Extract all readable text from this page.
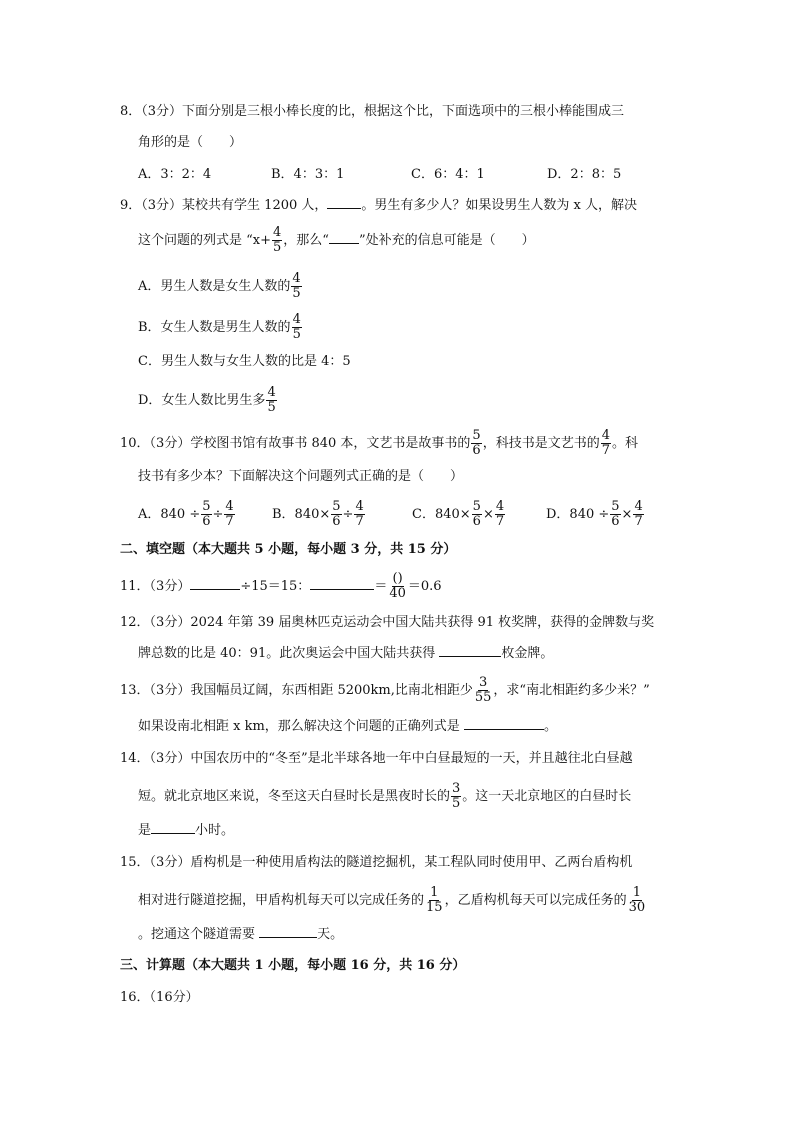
8．（3分）下面分别是三根小棒长度的比，根据这个比，下面选项中的三根小棒能围成三
角形的是（　　）
A．3：2：4	B．4：3：1	C．6：4：1	D．2：8：5
9．（3分）某校共有学生 1200 人，	。男生有多少人？如果设男生人数为 x 人，解决
这个问题的列式是 “$x+ \frac{4}{5}$ ，那么“ ”处补充的信息可能是（　　）
A．男生人数是女生人数的 $\frac{4}{5}$
B．女生人数是男生人数的 $\frac{4}{5}$
C．男生人数与女生人数的比是 4：5
D．女生人数比男生多 $\frac{4}{5}$
10．（3分）学校图书馆有故事书 840 本，文艺书是故事书的 $\frac{5}{6}$ ，科技书是文艺书的 $\frac{4}{7}$ 。科
技书有多少本？下面解决这个问题列式正确的是（　　）
A．$840 \div \frac{5}{6} \div \frac{4}{7}$	B．$840\times \frac{5}{6} \div \frac{4}{7}$	C．$840\times \frac{5}{6} \times \frac{4}{7}$	D．$840 \div \frac{5}{6} \times \frac{4}{7}$
二、填空题（本大题共 5 小题，每小题 3 分，共 15 分）
11．（3分）	÷15＝15：	＝ $\frac{()}{40} =0.6$
12．（3分）2024 年第 39 届奥林匹克运动会中国大陆共获得 91 枚奖牌，获得的金牌数与奖
牌总数的比是 40：91。此次奥运会中国大陆共获得	枚金牌。
13．（3分）我国幅员辽阔，东西相距 5200km,比南北相距少 $\frac{3}{55}$ ，求“南北相距约多少米？”
如果设南北相距 x km，那么解决这个问题的正确列式是	。
14．（3分）中国农历中的“冬至”是北半球各地一年中白昼最短的一天，并且越往北白昼越
短。就北京地区来说，冬至这天白昼时长是黑夜时长的 $\frac{3}{5}$ 。这一天北京地区的白昼时长
是	小时。
15．（3分）盾构机是一种使用盾构法的隧道挖掘机，某工程队同时使用甲、乙两台盾构机
相对进行隧道挖掘，甲盾构机每天可以完成任务的 $\frac{1}{15}$ ，乙盾构机每天可以完成任务的 $\frac{1}{30}$
。挖通这个隧道需要	天。
三、计算题（本大题共 1 小题，每小题 16 分，共 16 分）
16．（16分）
